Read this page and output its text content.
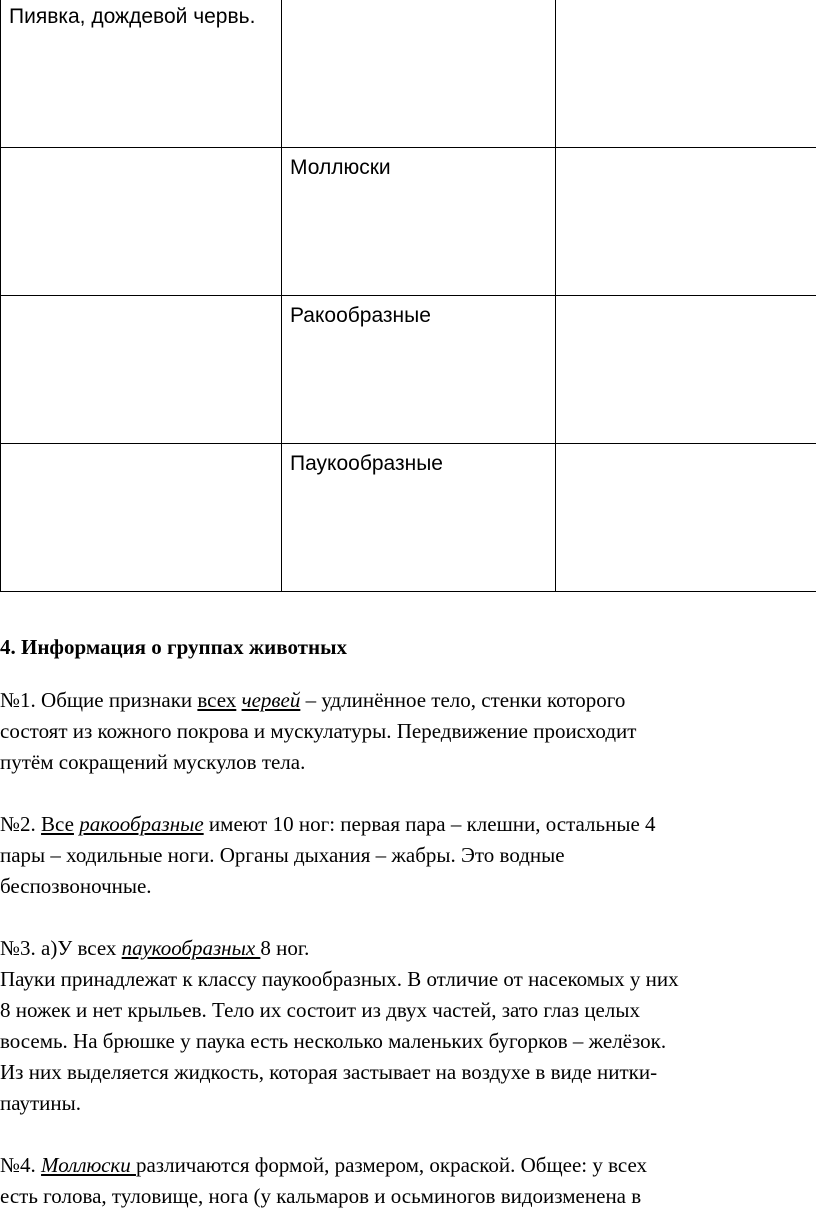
Пиявка, дождевой червь.		
	Моллюски	
	Ракообразные	
	Паукообразные	

4. Информация о группах животных

№1. Общие признаки всех червей – удлинённое тело, стенки которого

состоят из кожного покрова и мускулатуры. Передвижение происходит

путём сокращений мускулов тела.

№2. Все ракообразные имеют 10 ног: первая пара – клешни, остальные 4

пары – ходильные ноги. Органы дыхания – жабры. Это водные

беспозвоночные.

№3. а)У всех паукообразных 8 ног.

Пауки принадлежат к классу паукообразных. В отличие от насекомых у них

8 ножек и нет крыльев. Тело их состоит из двух частей, зато глаз целых

восемь. На брюшке у паука есть несколько маленьких бугорков – желёзок.

Из них выделяется жидкость, которая застывает на воздухе в виде нитки-

паутины.

№4. Моллюски различаются формой, размером, окраской. Общее: у всех

есть голова, туловище, нога (у кальмаров и осьминогов видоизменена в
